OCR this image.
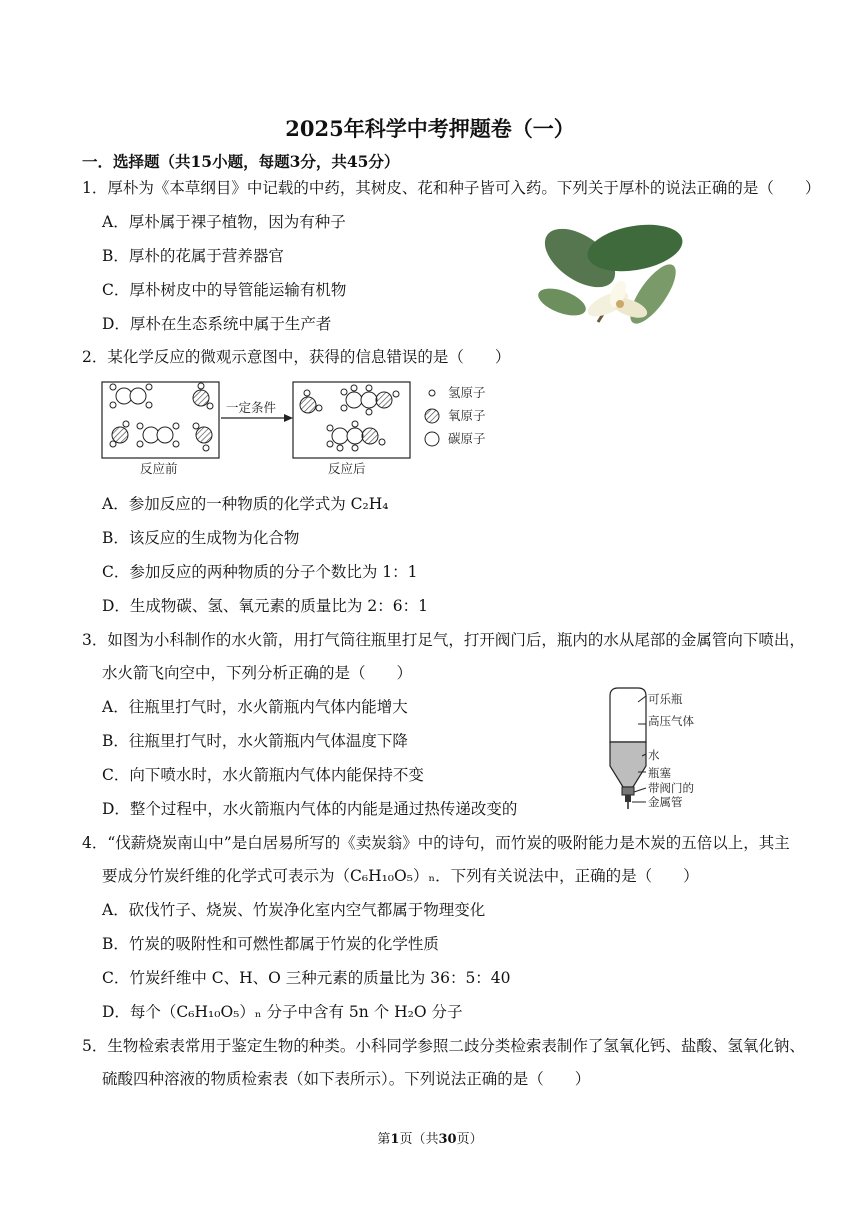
2025年科学中考押题卷（一）
一．选择题（共15小题，每题3分，共45分）
1．厚朴为《本草纲目》中记载的中药，其树皮、花和种子皆可入药。下列关于厚朴的说法正确的是（　　）
A．厚朴属于裸子植物，因为有种子
B．厚朴的花属于营养器官
C．厚朴树皮中的导管能运输有机物
D．厚朴在生态系统中属于生产者
2．某化学反应的微观示意图中，获得的信息错误的是（　　）
一定条件
反应前	反应后
氢原子
氧原子
碳原子
A．参加反应的一种物质的化学式为 C₂H₄
B．该反应的生成物为化合物
C．参加反应的两种物质的分子个数比为 1：1
D．生成物碳、氢、氧元素的质量比为 2：6：1
3．如图为小科制作的水火箭，用打气筒往瓶里打足气，打开阀门后，瓶内的水从尾部的金属管向下喷出，
水火箭飞向空中，下列分析正确的是（　　）
A．往瓶里打气时，水火箭瓶内气体内能增大
B．往瓶里打气时，水火箭瓶内气体温度下降
C．向下喷水时，水火箭瓶内气体内能保持不变
D．整个过程中，水火箭瓶内气体的内能是通过热传递改变的
可乐瓶
高压气体
水
瓶塞
带阀门的
金属管
4．“伐薪烧炭南山中”是白居易所写的《卖炭翁》中的诗句，而竹炭的吸附能力是木炭的五倍以上，其主
要成分竹炭纤维的化学式可表示为（C₆H₁₀O₅）ₙ．下列有关说法中，正确的是（　　）
A．砍伐竹子、烧炭、竹炭净化室内空气都属于物理变化
B．竹炭的吸附性和可燃性都属于竹炭的化学性质
C．竹炭纤维中 C、H、O 三种元素的质量比为 36：5：40
D．每个（C₆H₁₀O₅）ₙ 分子中含有 5n 个 H₂O 分子
5．生物检索表常用于鉴定生物的种类。小科同学参照二歧分类检索表制作了氢氧化钙、盐酸、氢氧化钠、
硫酸四种溶液的物质检索表（如下表所示）。下列说法正确的是（　　）
第1页（共30页）
